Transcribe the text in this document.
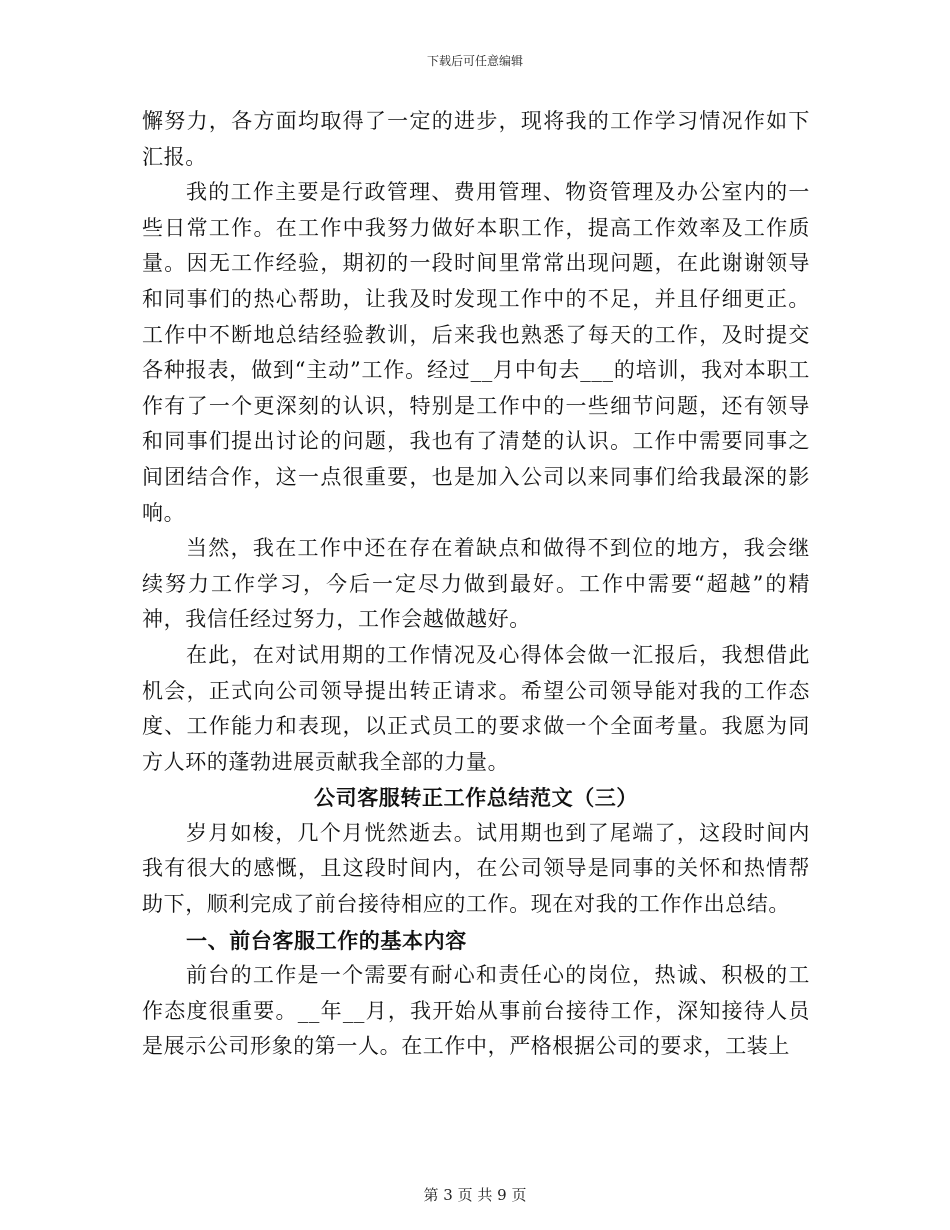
下载后可任意编辑

懈努力，各方面均取得了一定的进步，现将我的工作学习情况作如下汇报。

我的工作主要是行政管理、费用管理、物资管理及办公室内的一些日常工作。在工作中我努力做好本职工作，提高工作效率及工作质量。因无工作经验，期初的一段时间里常常出现问题，在此谢谢领导和同事们的热心帮助，让我及时发现工作中的不足，并且仔细更正。工作中不断地总结经验教训，后来我也熟悉了每天的工作，及时提交各种报表，做到“主动”工作。经过__月中旬去___的培训，我对本职工作有了一个更深刻的认识，特别是工作中的一些细节问题，还有领导和同事们提出讨论的问题，我也有了清楚的认识。工作中需要同事之间团结合作，这一点很重要，也是加入公司以来同事们给我最深的影响。

当然，我在工作中还在存在着缺点和做得不到位的地方，我会继续努力工作学习，今后一定尽力做到最好。工作中需要“超越”的精神，我信任经过努力，工作会越做越好。

在此，在对试用期的工作情况及心得体会做一汇报后，我想借此机会，正式向公司领导提出转正请求。希望公司领导能对我的工作态度、工作能力和表现，以正式员工的要求做一个全面考量。我愿为同方人环的蓬勃进展贡献我全部的力量。

公司客服转正工作总结范文（三）

岁月如梭，几个月恍然逝去。试用期也到了尾端了，这段时间内我有很大的感慨，且这段时间内，在公司领导是同事的关怀和热情帮助下，顺利完成了前台接待相应的工作。现在对我的工作作出总结。

一、前台客服工作的基本内容

前台的工作是一个需要有耐心和责任心的岗位，热诚、积极的工作态度很重要。__年__月，我开始从事前台接待工作，深知接待人员是展示公司形象的第一人。在工作中，严格根据公司的要求，工装上

第 3 页 共 9 页
